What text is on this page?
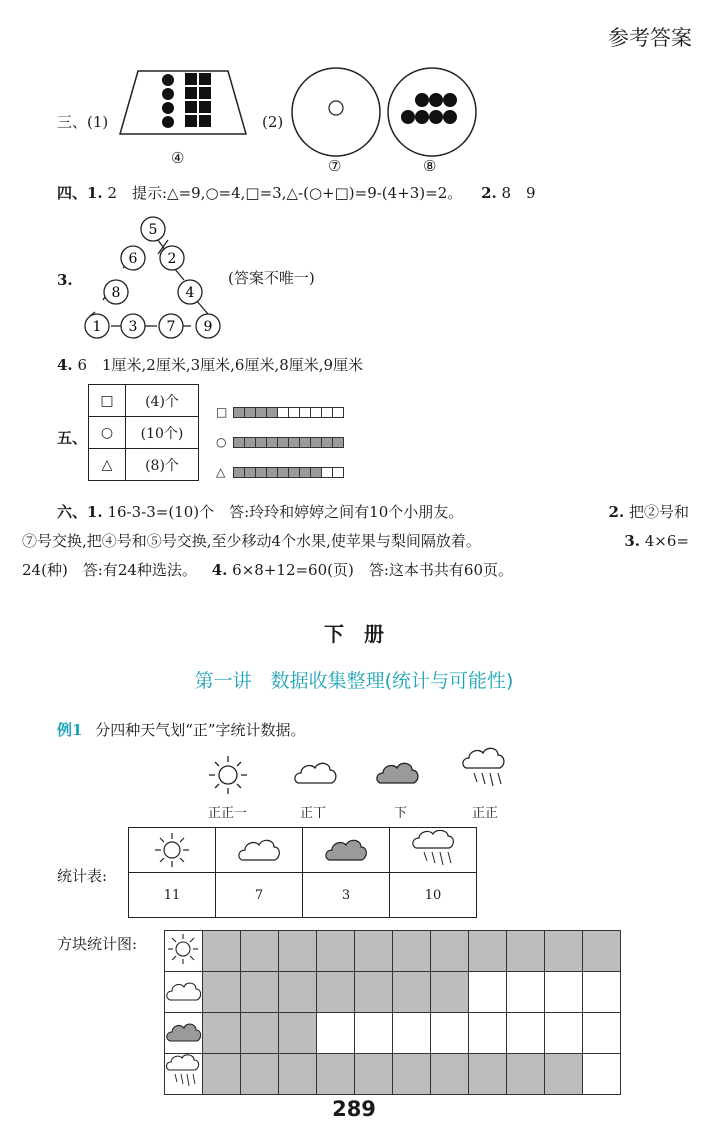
参考答案
三、(1)
④
(2)
⑦	⑧
四、1. 2　提示:△=9,○=4,□=3,△-(○+□)=9-(4+3)=2。 2. 8　9
3.
5
6 2
8	4
1 3 7 9
(答案不唯一)
4. 6　1厘米,2厘米,3厘米,6厘米,8厘米,9厘米
五、
□	(4)个
○	(10个)
△	(8)个
□
○
△
六、1. 16-3-3=(10)个　答:玲玲和婷婷之间有10个小朋友。	2. 把②号和
⑦号交换,把④号和⑤号交换,至少移动4个水果,使苹果与梨间隔放着。	3. 4×6=
24(种)　答:有24种选法。 4. 6×8+12=60(页)　答:这本书共有60页。
下　册
第一讲　数据收集整理(统计与可能性)
例1 分四种天气划“正”字统计数据。
正正一	正丅	下	正正
统计表:

11	7	3	10
方块统计图:

289
